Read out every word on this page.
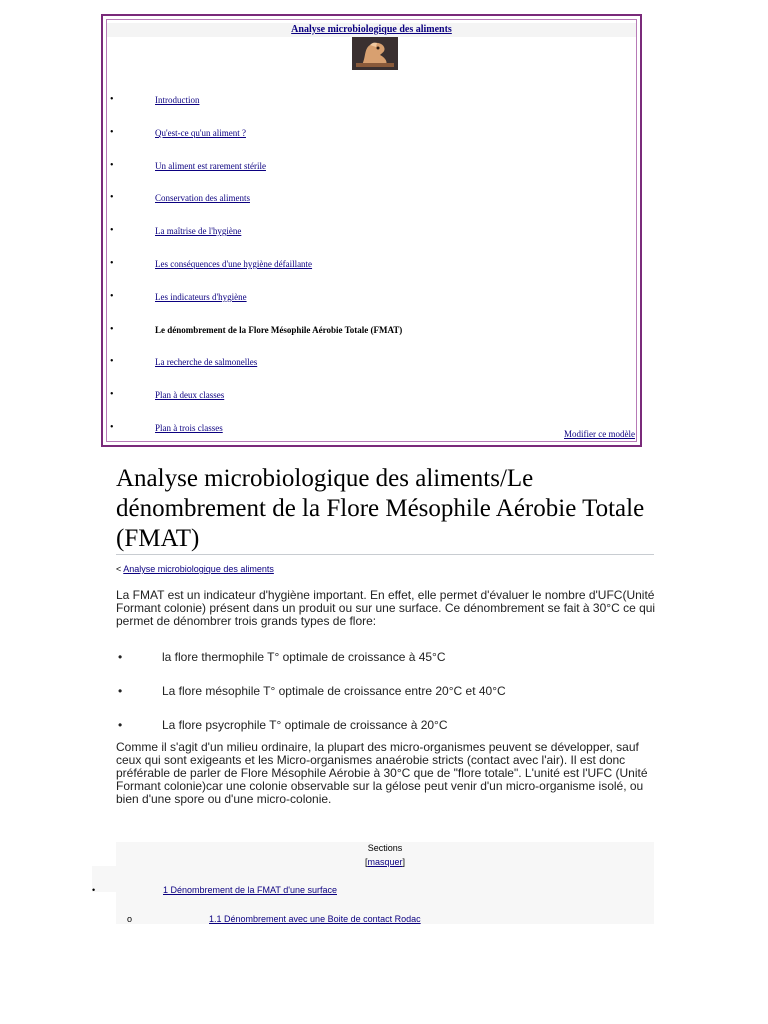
Analyse microbiologique des aliments
•	Introduction
•	Qu'est-ce qu'un aliment ?
•	Un aliment est rarement stérile
•	Conservation des aliments
•	La maîtrise de l'hygiène
•	Les conséquences d'une hygiène défaillante
•	Les indicateurs d'hygiène
•	Le dénombrement de la Flore Mésophile Aérobie Totale (FMAT)
•	La recherche de salmonelles
•	Plan à deux classes
•	Plan à trois classes
Modifier ce modèle
Analyse microbiologique des aliments/Le dénombrement de la Flore Mésophile Aérobie Totale (FMAT)
< Analyse microbiologique des aliments

La FMAT est un indicateur d'hygiène important. En effet, elle permet d'évaluer le nombre d'UFC(Unité Formant colonie) présent dans un produit ou sur une surface. Ce dénombrement se fait à 30°C ce qui permet de dénombrer trois grands types de flore:

•	la flore thermophile T° optimale de croissance à 45°C
•	La flore mésophile T° optimale de croissance entre 20°C et 40°C
•	La flore psycrophile T° optimale de croissance à 20°C

Comme il s'agit d'un milieu ordinaire, la plupart des micro-organismes peuvent se développer, sauf ceux qui sont exigeants et les Micro-organismes anaérobie stricts (contact avec l'air). Il est donc préférable de parler de Flore Mésophile Aérobie à 30°C que de "flore totale". L'unité est l'UFC (Unité Formant colonie)car une colonie observable sur la gélose peut venir d'un micro-organisme isolé, ou bien d'une spore ou d'une micro-colonie.

Sections
[masquer]
•	1 Dénombrement de la FMAT d'une surface
o	1.1 Dénombrement avec une Boite de contact Rodac
